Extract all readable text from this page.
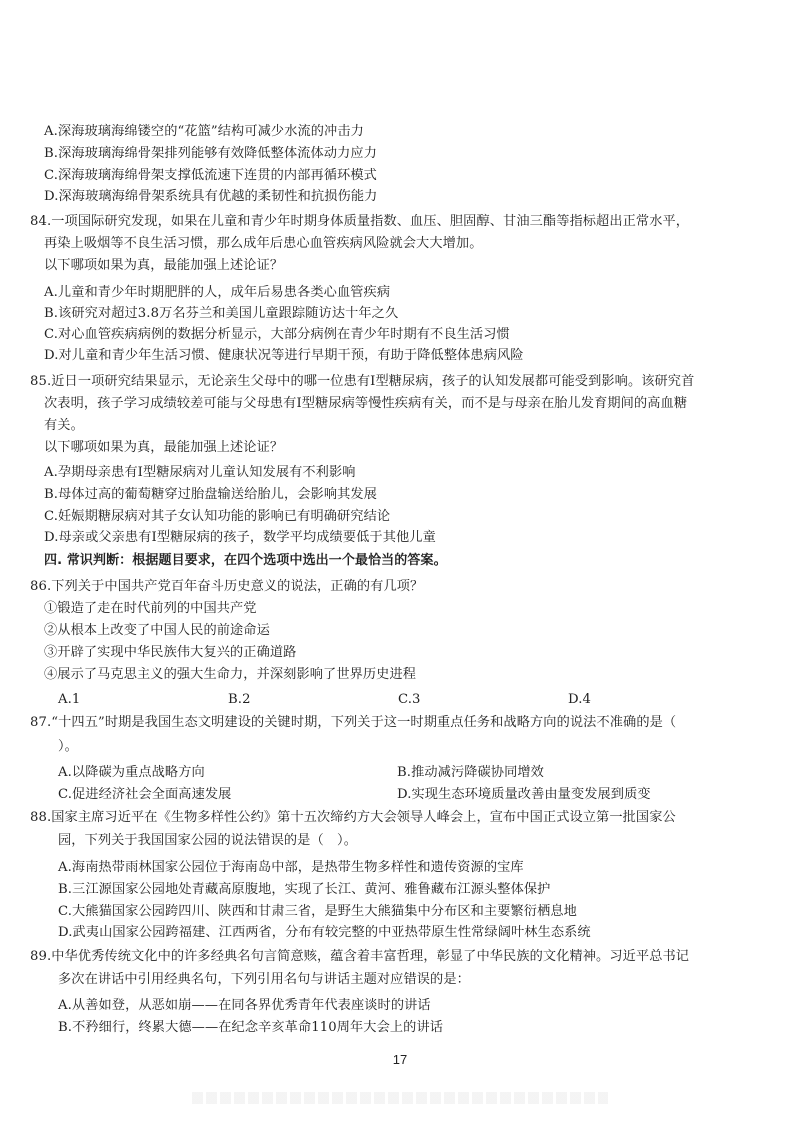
A.深海玻璃海绵镂空的“花篮”结构可减少水流的冲击力
B.深海玻璃海绵骨架排列能够有效降低整体流体动力应力
C.深海玻璃海绵骨架支撑低流速下连贯的内部再循环模式
D.深海玻璃海绵骨架系统具有优越的柔韧性和抗损伤能力
84.一项国际研究发现，如果在儿童和青少年时期身体质量指数、血压、胆固醇、甘油三酯等指标超出正常水平，
再染上吸烟等不良生活习惯，那么成年后患心血管疾病风险就会大大增加。
以下哪项如果为真，最能加强上述论证？
A.儿童和青少年时期肥胖的人，成年后易患各类心血管疾病
B.该研究对超过3.8万名芬兰和美国儿童跟踪随访达十年之久
C.对心血管疾病病例的数据分析显示，大部分病例在青少年时期有不良生活习惯
D.对儿童和青少年生活习惯、健康状况等进行早期干预，有助于降低整体患病风险
85.近日一项研究结果显示，无论亲生父母中的哪一位患有I型糖尿病，孩子的认知发展都可能受到影响。该研究首
次表明，孩子学习成绩较差可能与父母患有I型糖尿病等慢性疾病有关，而不是与母亲在胎儿发育期间的高血糖
有关。
以下哪项如果为真，最能加强上述论证？
A.孕期母亲患有I型糖尿病对儿童认知发展有不利影响
B.母体过高的葡萄糖穿过胎盘输送给胎儿，会影响其发展
C.妊娠期糖尿病对其子女认知功能的影响已有明确研究结论
D.母亲或父亲患有I型糖尿病的孩子，数学平均成绩要低于其他儿童
四. 常识判断：根据题目要求，在四个选项中选出一个最恰当的答案。
86.下列关于中国共产党百年奋斗历史意义的说法，正确的有几项？
①锻造了走在时代前列的中国共产党
②从根本上改变了中国人民的前途命运
③开辟了实现中华民族伟大复兴的正确道路
④展示了马克思主义的强大生命力，并深刻影响了世界历史进程
A.1	B.2	C.3	D.4
87.“十四五”时期是我国生态文明建设的关键时期，下列关于这一时期重点任务和战略方向的说法不准确的是（
）。
A.以降碳为重点战略方向	B.推动减污降碳协同增效
C.促进经济社会全面高速发展	D.实现生态环境质量改善由量变发展到质变
88.国家主席习近平在《生物多样性公约》第十五次缔约方大会领导人峰会上，宣布中国正式设立第一批国家公
园，下列关于我国国家公园的说法错误的是（　）。
A.海南热带雨林国家公园位于海南岛中部，是热带生物多样性和遗传资源的宝库
B.三江源国家公园地处青藏高原腹地，实现了长江、黄河、雅鲁藏布江源头整体保护
C.大熊猫国家公园跨四川、陕西和甘肃三省，是野生大熊猫集中分布区和主要繁衍栖息地
D.武夷山国家公园跨福建、江西两省，分布有较完整的中亚热带原生性常绿阔叶林生态系统
89.中华优秀传统文化中的许多经典名句言简意赅，蕴含着丰富哲理，彰显了中华民族的文化精神。习近平总书记
多次在讲话中引用经典名句，下列引用名句与讲话主题对应错误的是：
A.从善如登，从恶如崩——在同各界优秀青年代表座谈时的讲话
B.不矜细行，终累大德——在纪念辛亥革命110周年大会上的讲话
17
